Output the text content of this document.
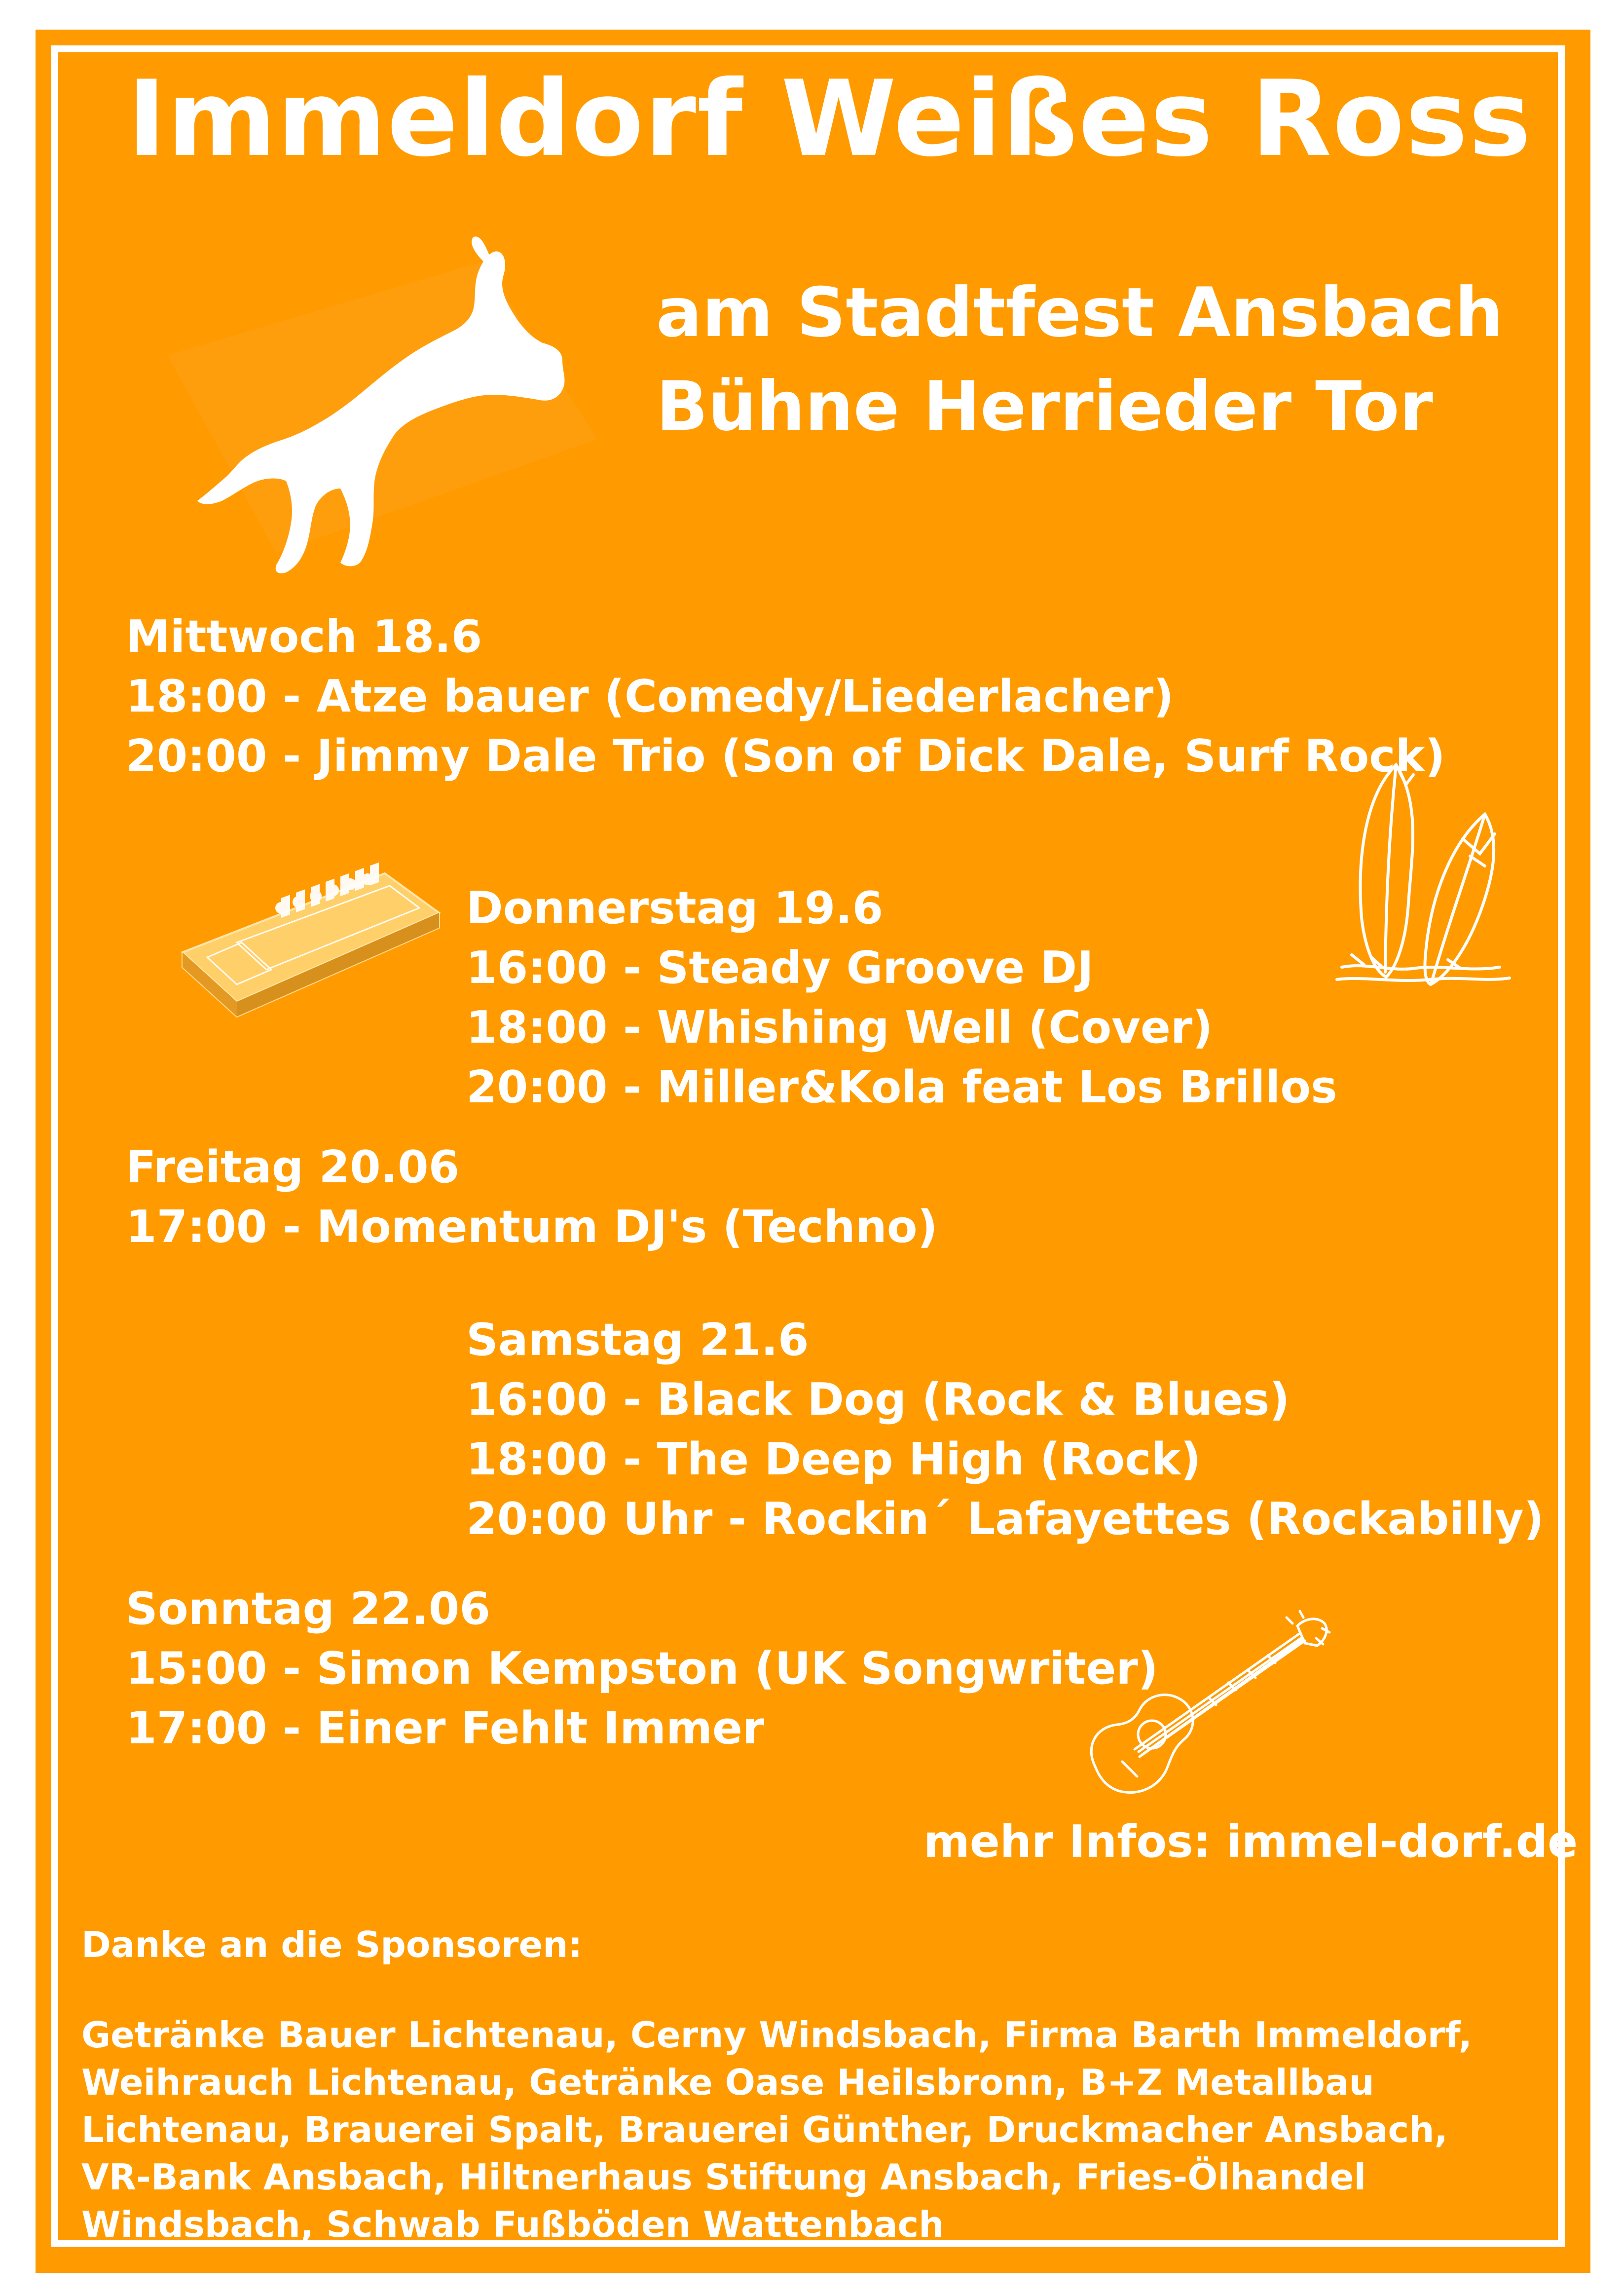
Immeldorf Weißes Ross
am Stadtfest Ansbach
Bühne Herrieder Tor
Mittwoch 18.6
18:00 - Atze bauer (Comedy/Liederlacher)
20:00 - Jimmy Dale Trio (Son of Dick Dale, Surf Rock)
Donnerstag 19.6
16:00 - Steady Groove DJ
18:00 - Whishing Well (Cover)
20:00 - Miller&Kola feat Los Brillos
Freitag 20.06
17:00 - Momentum DJ's (Techno)
Samstag 21.6
16:00 - Black Dog (Rock & Blues)
18:00 - The Deep High (Rock)
20:00 Uhr - Rockin´ Lafayettes (Rockabilly)
Sonntag 22.06
15:00 - Simon Kempston (UK Songwriter)
17:00 - Einer Fehlt Immer
mehr Infos: immel-dorf.de
Danke an die Sponsoren:
Getränke Bauer Lichtenau, Cerny Windsbach, Firma Barth Immeldorf, Weihrauch Lichtenau, Getränke Oase Heilsbronn, B+Z Metallbau Lichtenau, Brauerei Spalt, Brauerei Günther, Druckmacher Ansbach, VR-Bank Ansbach, Hiltnerhaus Stiftung Ansbach, Fries-Ölhandel Windsbach, Schwab Fußböden Wattenbach
